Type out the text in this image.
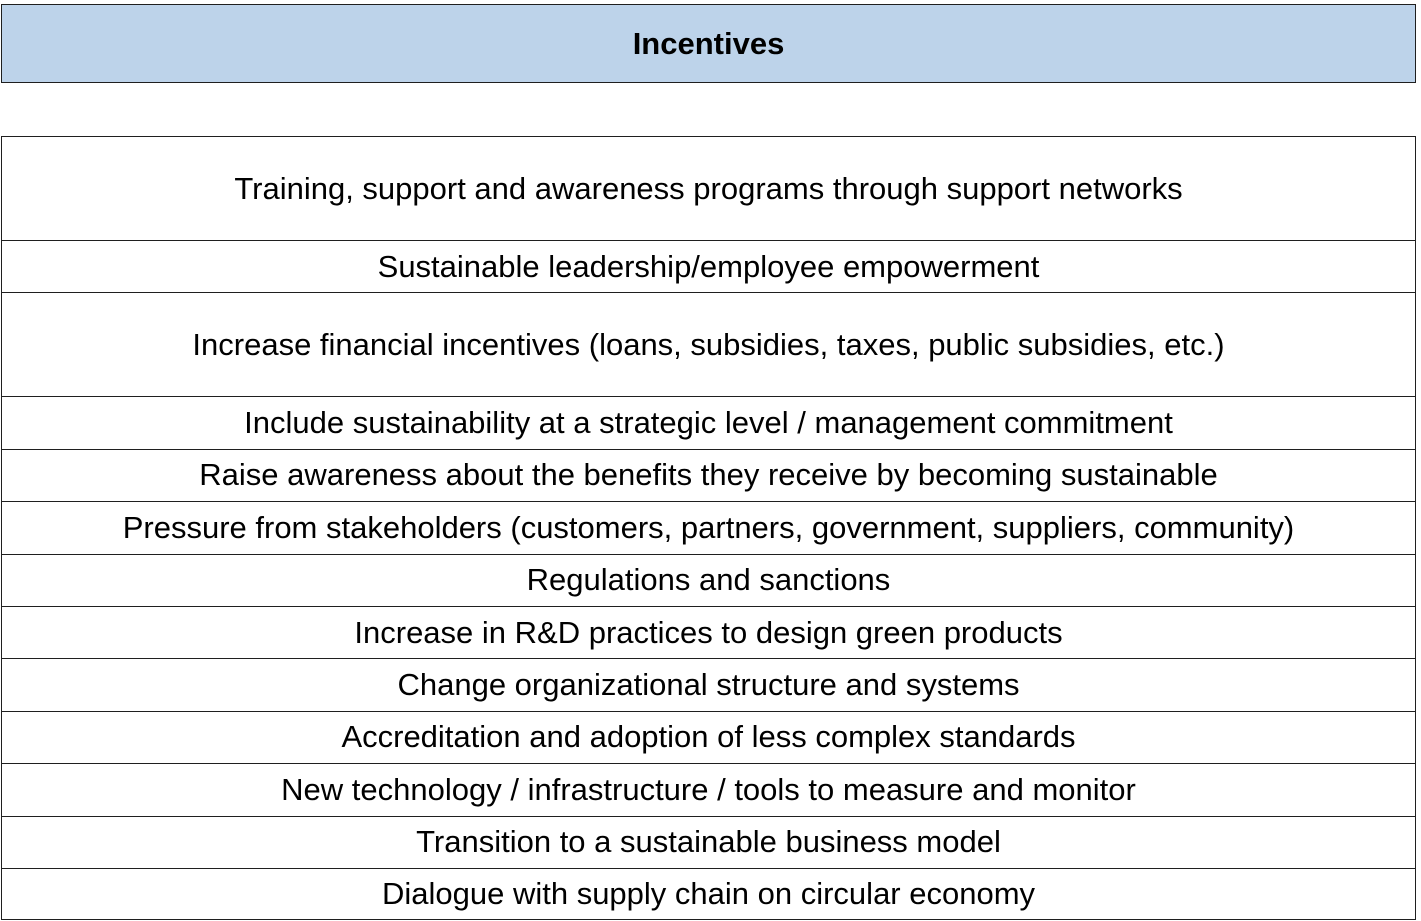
Incentives
Training, support and awareness programs through support networks
Sustainable leadership/employee empowerment
Increase financial incentives (loans, subsidies, taxes, public subsidies, etc.)
Include sustainability at a strategic level / management commitment
Raise awareness about the benefits they receive by becoming sustainable
Pressure from stakeholders (customers, partners, government, suppliers, community)
Regulations and sanctions
Increase in R&D practices to design green products
Change organizational structure and systems
Accreditation and adoption of less complex standards
New technology / infrastructure / tools to measure and monitor
Transition to a sustainable business model
Dialogue with supply chain on circular economy
